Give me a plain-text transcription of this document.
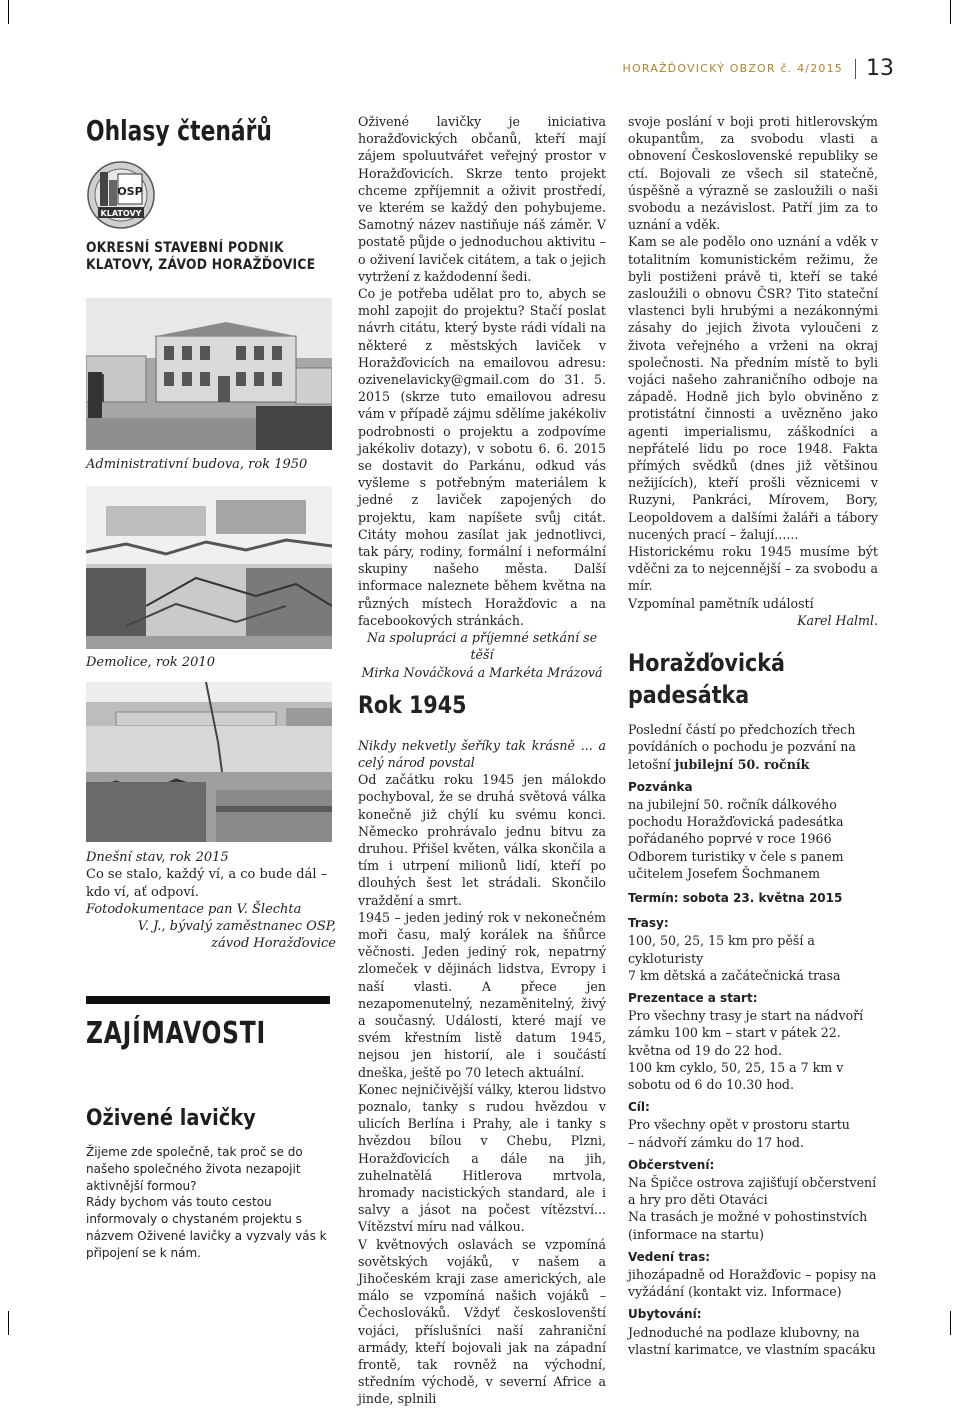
HORAŽĎOVICKÝ OBZOR č. 4/2015 13
Ohlasy čtenářů
OSP
KLATOVY
OKRESNÍ STAVEBNÍ PODNIK
KLATOVY, ZÁVOD HORAŽĎOVICE
Administrativní budova, rok 1950
Demolice, rok 2010

Dnešní stav, rok 2015

Co se stalo, každý ví, a co bude dál – kdo ví, ať odpoví.

Fotodokumentace pan V. Šlechta

V. J., bývalý zaměstnanec OSP,

závod Horažďovice

ZAJÍMAVOSTI
Oživené lavičky

Žijeme zde společně, tak proč se do našeho společného života nezapojit aktivnější formou?

Rády bychom vás touto cestou informovaly o chystaném projektu s názvem Oživené lavičky a vyzvaly vás k připojení se k nám.

Oživené lavičky je iniciativa horažďovických občanů, kteří mají zájem spoluutvářet veřejný prostor v Horažďovicích. Skrze tento projekt chceme zpříjemnit a oživit prostředí, ve kterém se každý den pohybujeme. Samotný název nastiňuje náš záměr. V postatě půjde o jednoduchou aktivitu – o oživení laviček citátem, a tak o jejich vytržení z každodenní šedi.

Co je potřeba udělat pro to, abych se mohl zapojit do projektu? Stačí poslat návrh citátu, který byste rádi vídali na některé z městských laviček v Horažďovicích na emailovou adresu: ozivenelavicky@gmail.com do 31. 5. 2015 (skrze tuto emailovou adresu vám v případě zájmu sdělíme jakékoliv podrobnosti o projektu a zodpovíme jakékoliv dotazy), v sobotu 6. 6. 2015 se dostavit do Parkánu, odkud vás vyšleme s potřebným materiálem k jedné z laviček zapojených do projektu, kam napíšete svůj citát. Citáty mohou zasílat jak jednotlivci, tak páry, rodiny, formální i neformální skupiny našeho města. Další informace naleznete během května na různých místech Horažďovic a na facebookových stránkách.

Na spolupráci a příjemné setkání se těší

Mirka Nováčková a Markéta Mrázová

Rok 1945

Nikdy nekvetly šeříky tak krásně ... a celý národ povstal

Od začátku roku 1945 jen málokdo pochyboval, že se druhá světová válka konečně již chýlí ku svému konci. Německo prohrávalo jednu bitvu za druhou. Přišel květen, válka skončila a tím i utrpení milionů lidí, kteří po dlouhých šest let strádali. Skončilo vraždění a smrt.

1945 – jeden jediný rok v nekonečném moři času, malý korálek na šňůrce věčnosti. Jeden jediný rok, nepatrný zlomeček v dějinách lidstva, Evropy i naší vlasti. A přece jen nezapomenutelný, nezaměnitelný, živý a současný. Události, které mají ve svém křestním listě datum 1945, nejsou jen historií, ale i součástí dneška, ještě po 70 letech aktuální.

Konec nejničivější války, kterou lidstvo poznalo, tanky s rudou hvězdou v ulicích Berlína i Prahy, ale i tanky s hvězdou bílou v Chebu, Plzni, Horažďovicích a dále na jih, zuhelnatělá Hitlerova mrtvola, hromady nacistických standard, ale i salvy a jásot na počest vítězství... Vítězství míru nad válkou.

V květnových oslavách se vzpomíná sovětských vojáků, v našem a Jihočeském kraji zase amerických, ale málo se vzpomíná našich vojáků – Čechoslováků. Vždyť českoslovenští vojáci, příslušníci naší zahraniční armády, kteří bojovali jak na západní frontě, tak rovněž na východní, středním východě, v severní Africe a jinde, splnili

svoje poslání v boji proti hitlerovským okupantům, za svobodu vlasti a obnovení Československé republiky se ctí. Bojovali ze všech sil statečně, úspěšně a výrazně se zasloužili o naši svobodu a nezávislost. Patří jim za to uznání a vděk.

Kam se ale podělo ono uznání a vděk v totalitním komunistickém režimu, že byli postiženi právě ti, kteří se také zasloužili o obnovu ČSR? Tito stateční vlastenci byli hrubými a nezákonnými zásahy do jejich života vyloučeni z života veřejného a vrženi na okraj společnosti. Na předním místě to byli vojáci našeho zahraničního odboje na západě. Hodně jich bylo obviněno z protistátní činnosti a uvězněno jako agenti imperialismu, záškodníci a nepřátelé lidu po roce 1948. Fakta přímých svědků (dnes již většinou nežijících), kteří prošli věznicemi v Ruzyni, Pankráci, Mírovem, Bory, Leopoldovem a dalšími žaláři a tábory nucených prací – žalují......

Historickému roku 1945 musíme být vděčni za to nejcennější – za svobodu a mír.

Vzpomínal pamětník událostí

Karel Halml.

Horažďovická padesátka

Poslední částí po předchozích třech povídáních o pochodu je pozvání na letošní jubilejní 50. ročník

Pozvánka

na jubilejní 50. ročník dálkového pochodu Horažďovická padesátka pořádaného poprvé v roce 1966 Odborem turistiky v čele s panem učitelem Josefem Šochmanem

Termín: sobota 23. května 2015
Trasy:

100, 50, 25, 15 km pro pěší a cykloturisty

7 km dětská a začátečnická trasa

Prezentace a start:

Pro všechny trasy je start na nádvoří zámku 100 km – start v pátek 22. května od 19 do 22 hod.

100 km cyklo, 50, 25, 15 a 7 km v sobotu od 6 do 10.30 hod.

Cíl:

Pro všechny opět v prostoru startu

– nádvoří zámku do 17 hod.

Občerstvení:

Na Špičce ostrova zajišťují občerstvení a hry pro děti Otaváci

Na trasách je možné v pohostinstvích (informace na startu)

Vedení tras:

jihozápadně od Horažďovic – popisy na vyžádání (kontakt viz. Informace)

Ubytování:

Jednoduché na podlaze klubovny, na vlastní karimatce, ve vlastním spacáku
